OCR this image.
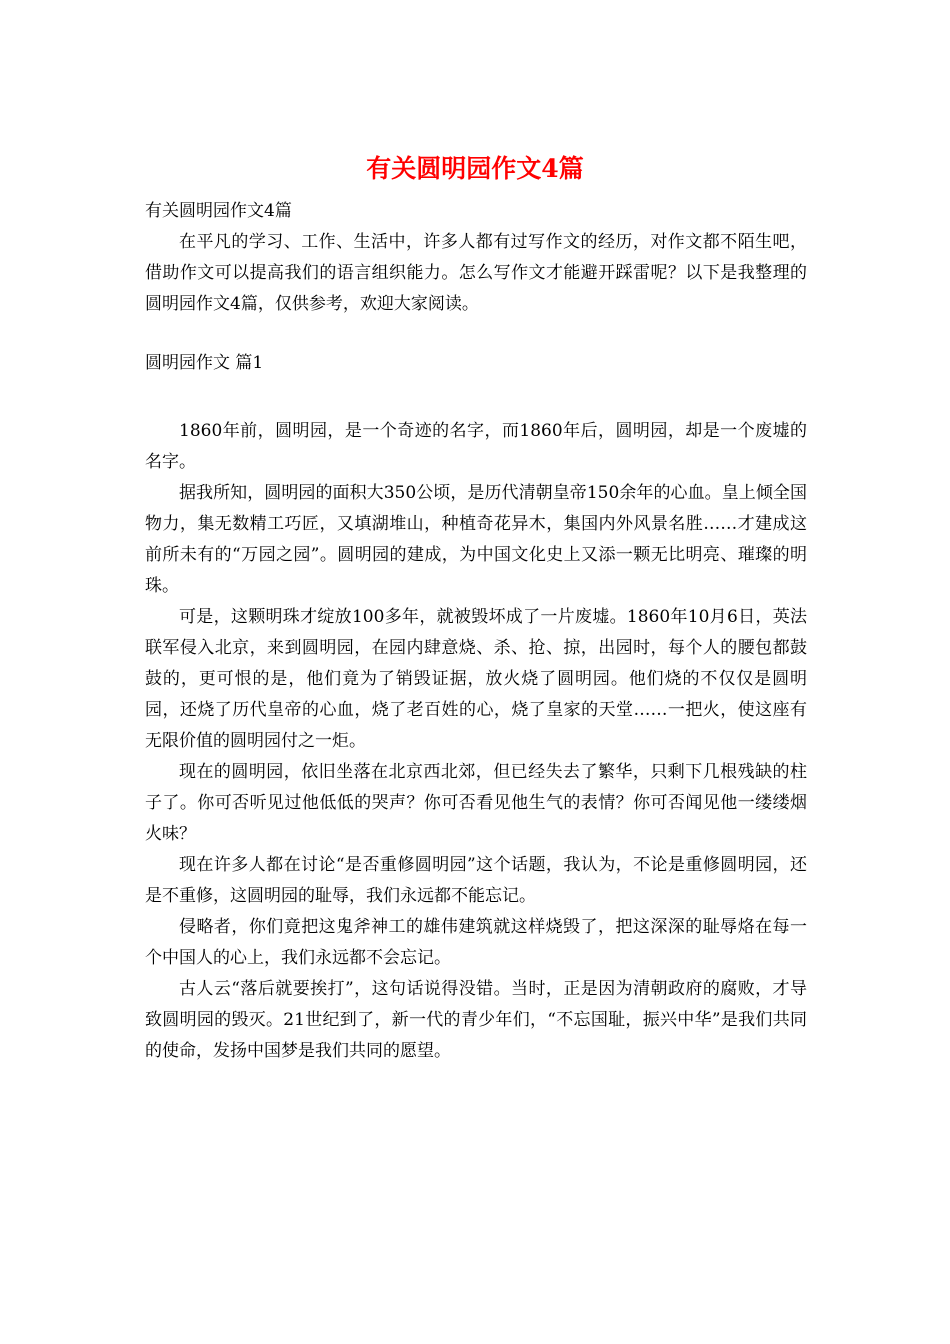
有关圆明园作文4篇

有关圆明园作文4篇

在平凡的学习、工作、生活中，许多人都有过写作文的经历，对作文都不陌生吧，借助作文可以提高我们的语言组织能力。怎么写作文才能避开踩雷呢？以下是我整理的圆明园作文4篇，仅供参考，欢迎大家阅读。

圆明园作文 篇1

1860年前，圆明园，是一个奇迹的名字，而1860年后，圆明园，却是一个废墟的名字。

据我所知，圆明园的面积大350公顷，是历代清朝皇帝150余年的心血。皇上倾全国物力，集无数精工巧匠，又填湖堆山，种植奇花异木，集国内外风景名胜……才建成这前所未有的“万园之园”。圆明园的建成，为中国文化史上又添一颗无比明亮、璀璨的明珠。

可是，这颗明珠才绽放100多年，就被毁坏成了一片废墟。1860年10月6日，英法联军侵入北京，来到圆明园，在园内肆意烧、杀、抢、掠，出园时，每个人的腰包都鼓鼓的，更可恨的是，他们竟为了销毁证据，放火烧了圆明园。他们烧的不仅仅是圆明园，还烧了历代皇帝的心血，烧了老百姓的心，烧了皇家的天堂……一把火，使这座有无限价值的圆明园付之一炬。

现在的圆明园，依旧坐落在北京西北郊，但已经失去了繁华，只剩下几根残缺的柱子了。你可否听见过他低低的哭声？你可否看见他生气的表情？你可否闻见他一缕缕烟火味？

现在许多人都在讨论“是否重修圆明园”这个话题，我认为，不论是重修圆明园，还是不重修，这圆明园的耻辱，我们永远都不能忘记。

侵略者，你们竟把这鬼斧神工的雄伟建筑就这样烧毁了，把这深深的耻辱烙在每一个中国人的心上，我们永远都不会忘记。

古人云“落后就要挨打”，这句话说得没错。当时，正是因为清朝政府的腐败，才导致圆明园的毁灭。21世纪到了，新一代的青少年们，“不忘国耻，振兴中华”是我们共同的使命，发扬中国梦是我们共同的愿望。
